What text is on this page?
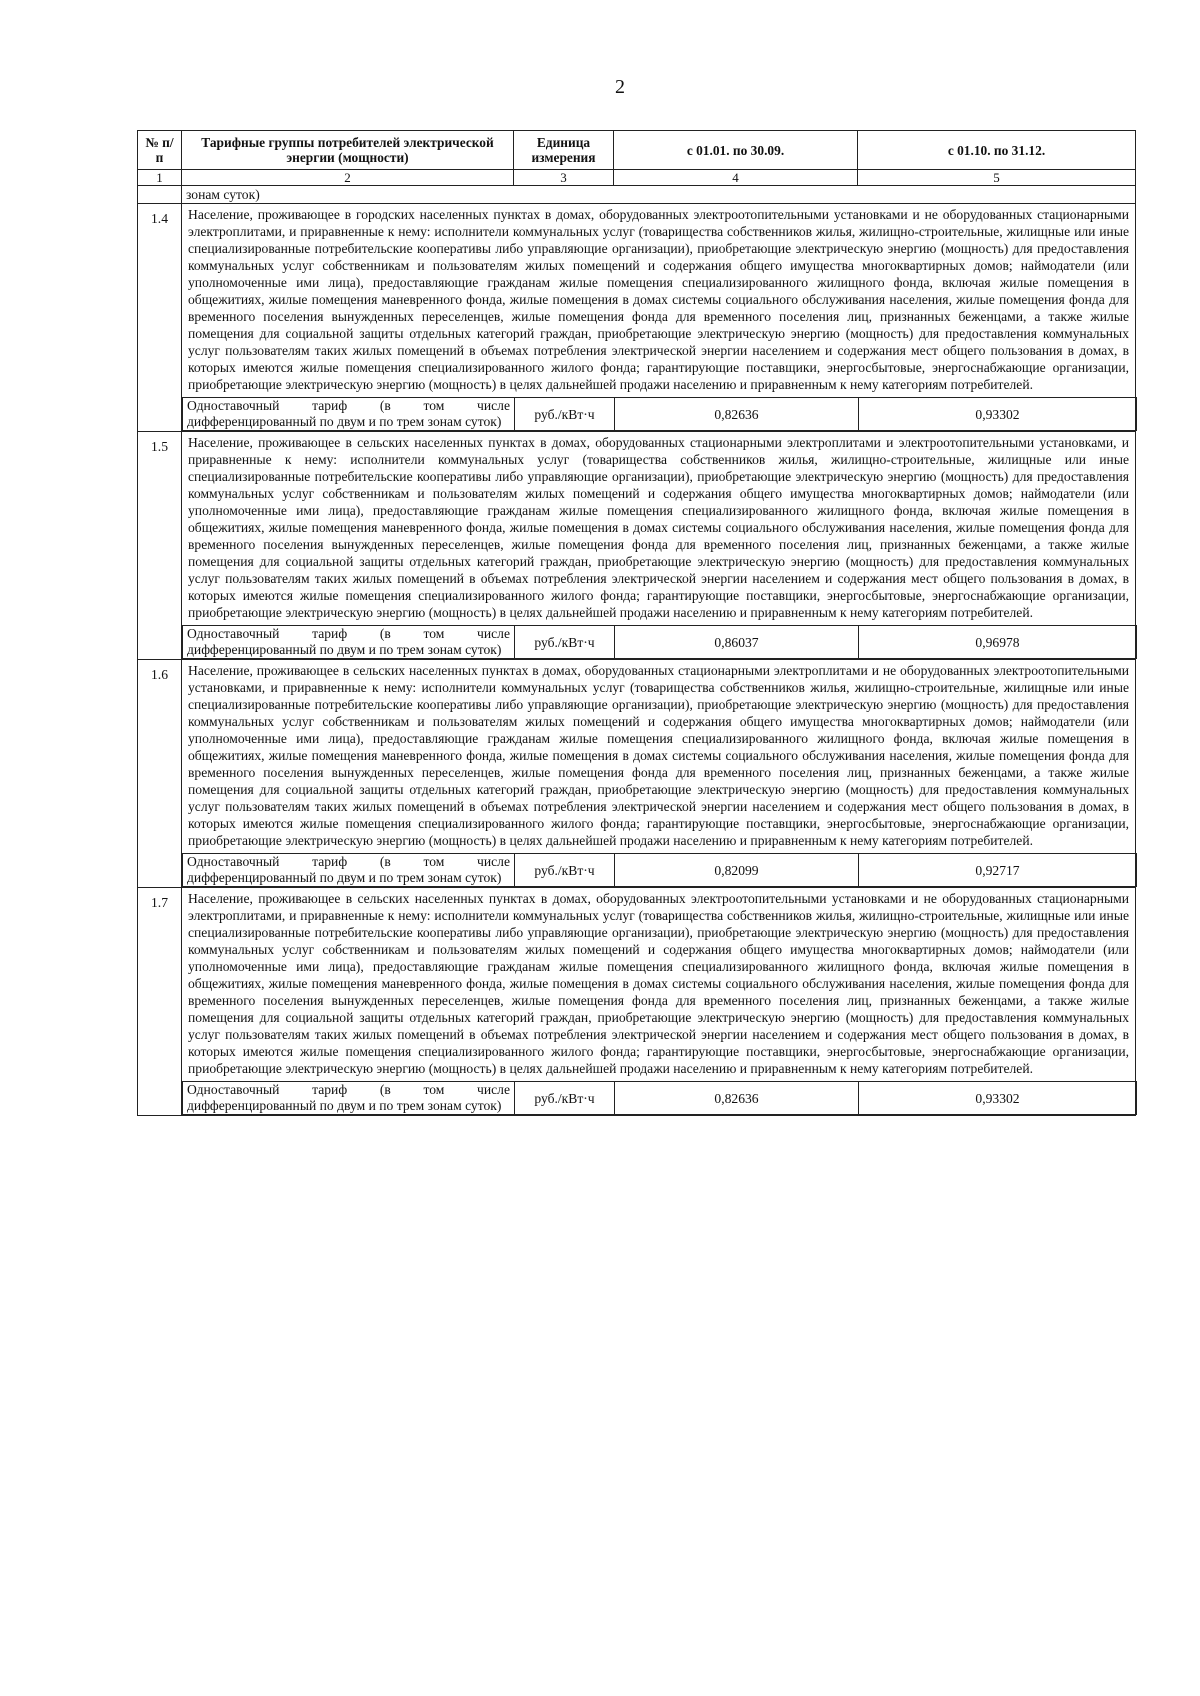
2
№ п/п	Тарифные группы потребителей электрической энергии (мощности)	Единица измерения	с 01.01. по 30.09.	с 01.10. по 31.12.
1	2	3	4	5
	зонам суток)
1.4	Население, проживающее в городских населенных пунктах в домах, оборудованных электроотопительными установками и не оборудованных стационарными электроплитами, и приравненные к нему: исполнители коммунальных услуг (товарищества собственников жилья, жилищно-строительные, жилищные или иные специализированные потребительские кооперативы либо управляющие организации), приобретающие электрическую энергию (мощность) для предоставления коммунальных услуг собственникам и пользователям жилых помещений и содержания общего имущества многоквартирных домов; наймодатели (или уполномоченные ими лица), предоставляющие гражданам жилые помещения специализированного жилищного фонда, включая жилые помещения в общежитиях, жилые помещения маневренного фонда, жилые помещения в домах системы социального обслуживания населения, жилые помещения фонда для временного поселения вынужденных переселенцев, жилые помещения фонда для временного поселения лиц, признанных беженцами, а также жилые помещения для социальной защиты отдельных категорий граждан, приобретающие электрическую энергию (мощность) для предоставления коммунальных услуг пользователям таких жилых помещений в объемах потребления электрической энергии населением и содержания мест общего пользования в домах, в которых имеются жилые помещения специализированного жилого фонда; гарантирующие поставщики, энергосбытовые, энергоснабжающие организации, приобретающие электрическую энергию (мощность) в целях дальнейшей продажи населению и приравненным к нему категориям потребителей.
Одноставочный тариф (в том числе дифференцированный по двум и по трем зонам суток)	руб./кВт·ч	0,82636	0,93302

1.5	Население, проживающее в сельских населенных пунктах в домах, оборудованных стационарными электроплитами и электроотопительными установками, и приравненные к нему: исполнители коммунальных услуг (товарищества собственников жилья, жилищно-строительные, жилищные или иные специализированные потребительские кооперативы либо управляющие организации), приобретающие электрическую энергию (мощность) для предоставления коммунальных услуг собственникам и пользователям жилых помещений и содержания общего имущества многоквартирных домов; наймодатели (или уполномоченные ими лица), предоставляющие гражданам жилые помещения специализированного жилищного фонда, включая жилые помещения в общежитиях, жилые помещения маневренного фонда, жилые помещения в домах системы социального обслуживания населения, жилые помещения фонда для временного поселения вынужденных переселенцев, жилые помещения фонда для временного поселения лиц, признанных беженцами, а также жилые помещения для социальной защиты отдельных категорий граждан, приобретающие электрическую энергию (мощность) для предоставления коммунальных услуг пользователям таких жилых помещений в объемах потребления электрической энергии населением и содержания мест общего пользования в домах, в которых имеются жилые помещения специализированного жилого фонда; гарантирующие поставщики, энергосбытовые, энергоснабжающие организации, приобретающие электрическую энергию (мощность) в целях дальнейшей продажи населению и приравненным к нему категориям потребителей.
Одноставочный тариф (в том числе дифференцированный по двум и по трем зонам суток)	руб./кВт·ч	0,86037	0,96978

1.6	Население, проживающее в сельских населенных пунктах в домах, оборудованных стационарными электроплитами и не оборудованных электроотопительными установками, и приравненные к нему: исполнители коммунальных услуг (товарищества собственников жилья, жилищно-строительные, жилищные или иные специализированные потребительские кооперативы либо управляющие организации), приобретающие электрическую энергию (мощность) для предоставления коммунальных услуг собственникам и пользователям жилых помещений и содержания общего имущества многоквартирных домов; наймодатели (или уполномоченные ими лица), предоставляющие гражданам жилые помещения специализированного жилищного фонда, включая жилые помещения в общежитиях, жилые помещения маневренного фонда, жилые помещения в домах системы социального обслуживания населения, жилые помещения фонда для временного поселения вынужденных переселенцев, жилые помещения фонда для временного поселения лиц, признанных беженцами, а также жилые помещения для социальной защиты отдельных категорий граждан, приобретающие электрическую энергию (мощность) для предоставления коммунальных услуг пользователям таких жилых помещений в объемах потребления электрической энергии населением и содержания мест общего пользования в домах, в которых имеются жилые помещения специализированного жилого фонда; гарантирующие поставщики, энергосбытовые, энергоснабжающие организации, приобретающие электрическую энергию (мощность) в целях дальнейшей продажи населению и приравненным к нему категориям потребителей.
Одноставочный тариф (в том числе дифференцированный по двум и по трем зонам суток)	руб./кВт·ч	0,82099	0,92717

1.7	Население, проживающее в сельских населенных пунктах в домах, оборудованных электроотопительными установками и не оборудованных стационарными электроплитами, и приравненные к нему: исполнители коммунальных услуг (товарищества собственников жилья, жилищно-строительные, жилищные или иные специализированные потребительские кооперативы либо управляющие организации), приобретающие электрическую энергию (мощность) для предоставления коммунальных услуг собственникам и пользователям жилых помещений и содержания общего имущества многоквартирных домов; наймодатели (или уполномоченные ими лица), предоставляющие гражданам жилые помещения специализированного жилищного фонда, включая жилые помещения в общежитиях, жилые помещения маневренного фонда, жилые помещения в домах системы социального обслуживания населения, жилые помещения фонда для временного поселения вынужденных переселенцев, жилые помещения фонда для временного поселения лиц, признанных беженцами, а также жилые помещения для социальной защиты отдельных категорий граждан, приобретающие электрическую энергию (мощность) для предоставления коммунальных услуг пользователям таких жилых помещений в объемах потребления электрической энергии населением и содержания мест общего пользования в домах, в которых имеются жилые помещения специализированного жилого фонда; гарантирующие поставщики, энергосбытовые, энергоснабжающие организации, приобретающие электрическую энергию (мощность) в целях дальнейшей продажи населению и приравненным к нему категориям потребителей.
Одноставочный тариф (в том числе дифференцированный по двум и по трем зонам суток)	руб./кВт·ч	0,82636	0,93302
